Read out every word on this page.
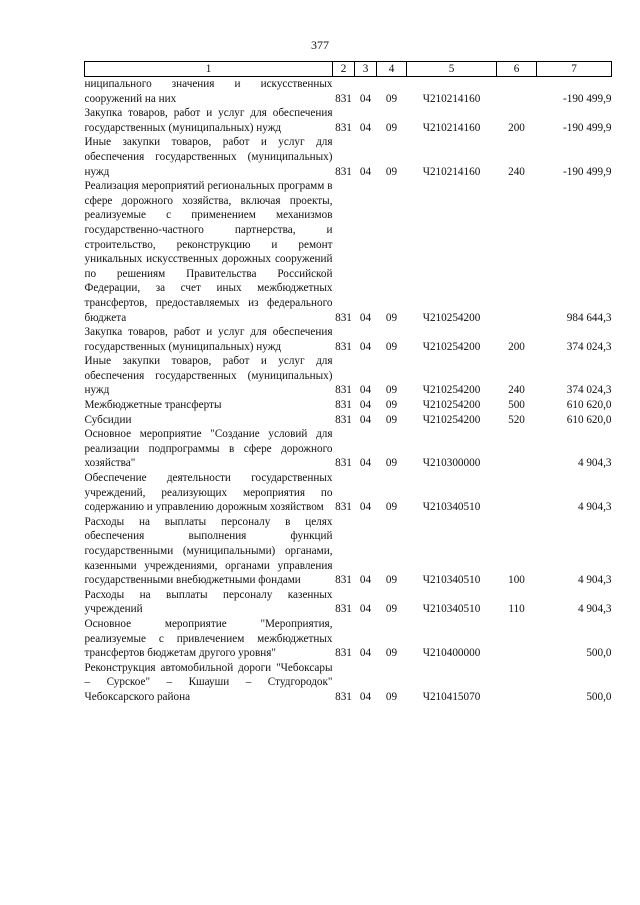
377
1	2	3	4	5	6	7
ниципального значения и искусственных сооружений на них	831	04	09	Ч210214160		-190 499,9
Закупка товаров, работ и услуг для обеспечения государственных (муниципальных) нужд	831	04	09	Ч210214160	200	-190 499,9
Иные закупки товаров, работ и услуг для обеспечения государственных (муниципальных) нужд	831	04	09	Ч210214160	240	-190 499,9
Реализация мероприятий региональных программ в сфере дорожного хозяйства, включая проекты, реализуемые с применением механизмов государственно-частного партнерства, и строительство, реконструкцию и ремонт уникальных искусственных дорожных сооружений по решениям Правительства Российской Федерации, за счет иных межбюджетных трансфертов, предоставляемых из федерального бюджета	831	04	09	Ч210254200		984 644,3
Закупка товаров, работ и услуг для обеспечения государственных (муниципальных) нужд	831	04	09	Ч210254200	200	374 024,3
Иные закупки товаров, работ и услуг для обеспечения государственных (муниципальных) нужд	831	04	09	Ч210254200	240	374 024,3
Межбюджетные трансферты	831	04	09	Ч210254200	500	610 620,0
Субсидии	831	04	09	Ч210254200	520	610 620,0
Основное мероприятие "Создание условий для реализации подпрограммы в сфере дорожного хозяйства"	831	04	09	Ч210300000		4 904,3
Обеспечение деятельности государственных учреждений, реализующих мероприятия по содержанию и управлению дорожным хозяйством	831	04	09	Ч210340510		4 904,3
Расходы на выплаты персоналу в целях обеспечения выполнения функций государственными (муниципальными) органами, казенными учреждениями, органами управления государственными внебюджетными фондами	831	04	09	Ч210340510	100	4 904,3
Расходы на выплаты персоналу казенных учреждений	831	04	09	Ч210340510	110	4 904,3
Основное мероприятие "Мероприятия, реализуемые с привлечением межбюджетных трансфертов бюджетам другого уровня"	831	04	09	Ч210400000		500,0
Реконструкция автомобильной дороги "Чебоксары – Сурское" – Кшауши – Студгородок" Чебоксарского района	831	04	09	Ч210415070		500,0
